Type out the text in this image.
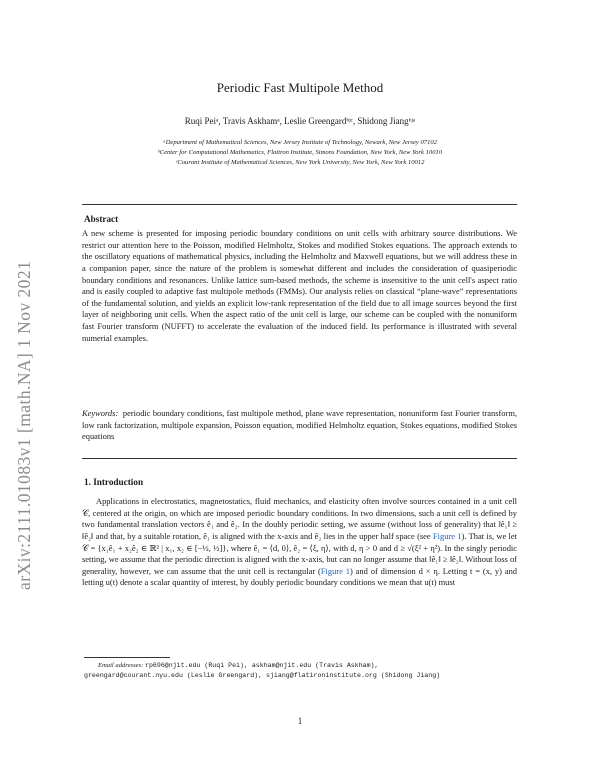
arXiv:2111.01083v1 [math.NA] 1 Nov 2021
Periodic Fast Multipole Method
Ruqi Peiᵃ, Travis Askhamᵃ, Leslie Greengardᵇʲᶜ, Shidong Jiangᵇʲᵃ
ᵃDepartment of Mathematical Sciences, New Jersey Institute of Technology, Newark, New Jersey 07102
ᵇCenter for Computational Mathematics, Flatiron Institute, Simons Foundation, New York, New York 10010
ᶜCourant Institute of Mathematical Sciences, New York University, New York, New York 10012
Abstract

A new scheme is presented for imposing periodic boundary conditions on unit cells with arbitrary source distributions. We restrict our attention here to the Poisson, modified Helmholtz, Stokes and modified Stokes equations. The approach extends to the oscillatory equations of mathematical physics, including the Helmholtz and Maxwell equations, but we will address these in a companion paper, since the nature of the problem is somewhat different and includes the consideration of quasiperiodic boundary conditions and resonances. Unlike lattice sum-based methods, the scheme is insensitive to the unit cell's aspect ratio and is easily coupled to adaptive fast multipole methods (FMMs). Our analysis relies on classical “plane-wave” representations of the fundamental solution, and yields an explicit low-rank representation of the field due to all image sources beyond the first layer of neighboring unit cells. When the aspect ratio of the unit cell is large, our scheme can be coupled with the nonuniform fast Fourier transform (NUFFT) to accelerate the evaluation of the induced field. Its performance is illustrated with several numerial examples.

Keywords: periodic boundary conditions, fast multipole method, plane wave representation, nonuniform fast Fourier transform, low rank factorization, multipole expansion, Poisson equation, modified Helmholtz equation, Stokes equations, modified Stokes equations

1. Introduction

Applications in electrostatics, magnetostatics, fluid mechanics, and elasticity often involve sources contained in a unit cell 𝒞, centered at the origin, on which are imposed periodic boundary conditions. In two dimensions, such a unit cell is defined by two fundamental translation vectors ê₁ and ê₂. In the doubly periodic setting, we assume (without loss of generality) that ‖ê₁‖ ≥ ‖ê₂‖ and that, by a suitable rotation, ê₁ is aligned with the x-axis and ê₂ lies in the upper half space (see Figure 1). That is, we let 𝒞 = {x₁ê₁ + x₂ê₂ ∈ ℝ² | x₁, x₂ ∈ [−½, ½]}, where ê₁ = ⟨d, 0⟩, ê₂ = ⟨ξ, η⟩, with d, η > 0 and d ≥ √(ξ² + η²). In the singly periodic setting, we assume that the periodic direction is aligned with the x-axis, but can no longer assume that ‖ê₁‖ ≥ ‖ê₂‖. Without loss of generality, however, we can assume that the unit cell is rectangular (Figure 1) and of dimension d × η. Letting t = (x, y) and letting u(t) denote a scalar quantity of interest, by doubly periodic boundary conditions we mean that u(t) must

Email addresses: rp696@njit.edu (Ruqi Pei), askham@njit.edu (Travis Askham),
greengard@courant.nyu.edu (Leslie Greengard), sjiang@flatironinstitute.org (Shidong Jiang)
1
